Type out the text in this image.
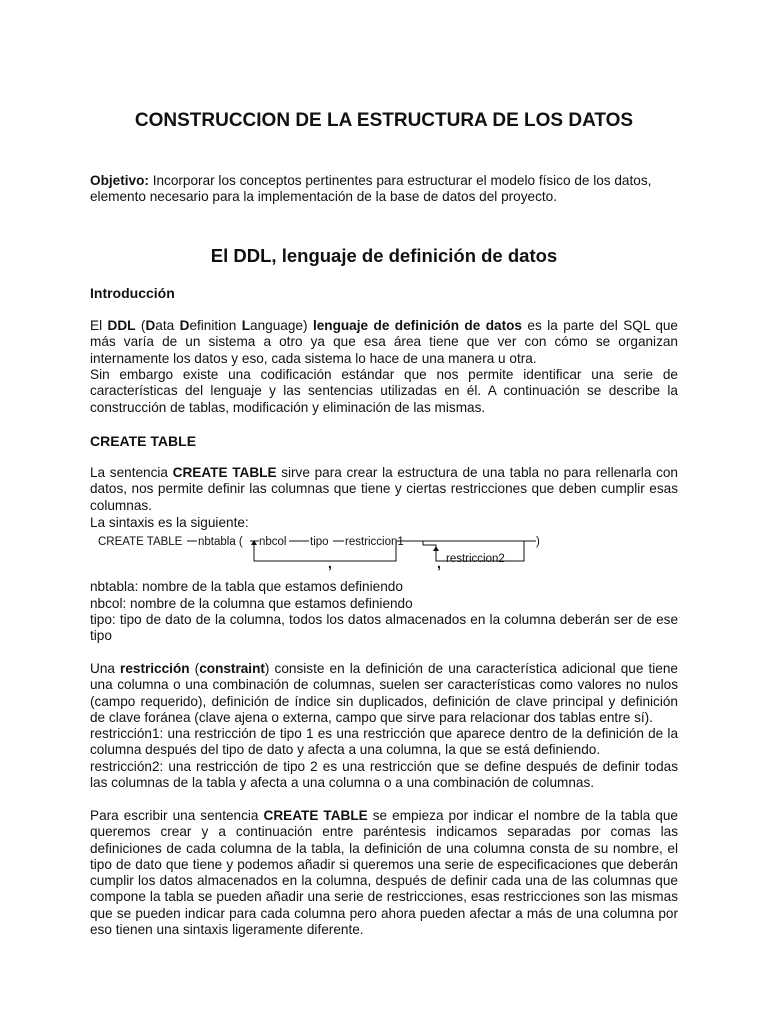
CONSTRUCCION DE LA ESTRUCTURA DE LOS DATOS

Objetivo: Incorporar los conceptos pertinentes para estructurar el modelo físico de los datos, elemento necesario para la implementación de la base de datos del proyecto.

El DDL, lenguaje de definición de datos

Introducción

El DDL (Data Definition Language) lenguaje de definición de datos es la parte del SQL que más varía de un sistema a otro ya que esa área tiene que ver con cómo se organizan internamente los datos y eso, cada sistema lo hace de una manera u otra.

Sin embargo existe una codificación estándar que nos permite identificar una serie de características del lenguaje y las sentencias utilizadas en él. A continuación se describe la construcción de tablas, modificación y eliminación de las mismas.

CREATE TABLE

La sentencia CREATE TABLE sirve para crear la estructura de una tabla no para rellenarla con datos, nos permite definir las columnas que tiene y ciertas restricciones que deben cumplir esas columnas.

La sintaxis es la siguiente:

CREATE TABLE nbtabla ( nbcol tipo restriccion1
,	, restriccion2
)

nbtabla: nombre de la tabla que estamos definiendo

nbcol: nombre de la columna que estamos definiendo

tipo: tipo de dato de la columna, todos los datos almacenados en la columna deberán ser de ese tipo

Una restricción (constraint) consiste en la definición de una característica adicional que tiene una columna o una combinación de columnas, suelen ser características como valores no nulos (campo requerido), definición de índice sin duplicados, definición de clave principal y definición de clave foránea (clave ajena o externa, campo que sirve para relacionar dos tablas entre sí).

restricción1: una restricción de tipo 1 es una restricción que aparece dentro de la definición de la columna después del tipo de dato y afecta a una columna, la que se está definiendo.

restricción2: una restricción de tipo 2 es una restricción que se define después de definir todas las columnas de la tabla y afecta a una columna o a una combinación de columnas.

Para escribir una sentencia CREATE TABLE se empieza por indicar el nombre de la tabla que queremos crear y a continuación entre paréntesis indicamos separadas por comas las definiciones de cada columna de la tabla, la definición de una columna consta de su nombre, el tipo de dato que tiene y podemos añadir si queremos una serie de especificaciones que deberán cumplir los datos almacenados en la columna, después de definir cada una de las columnas que compone la tabla se pueden añadir una serie de restricciones, esas restricciones son las mismas que se pueden indicar para cada columna pero ahora pueden afectar a más de una columna por eso tienen una sintaxis ligeramente diferente.
